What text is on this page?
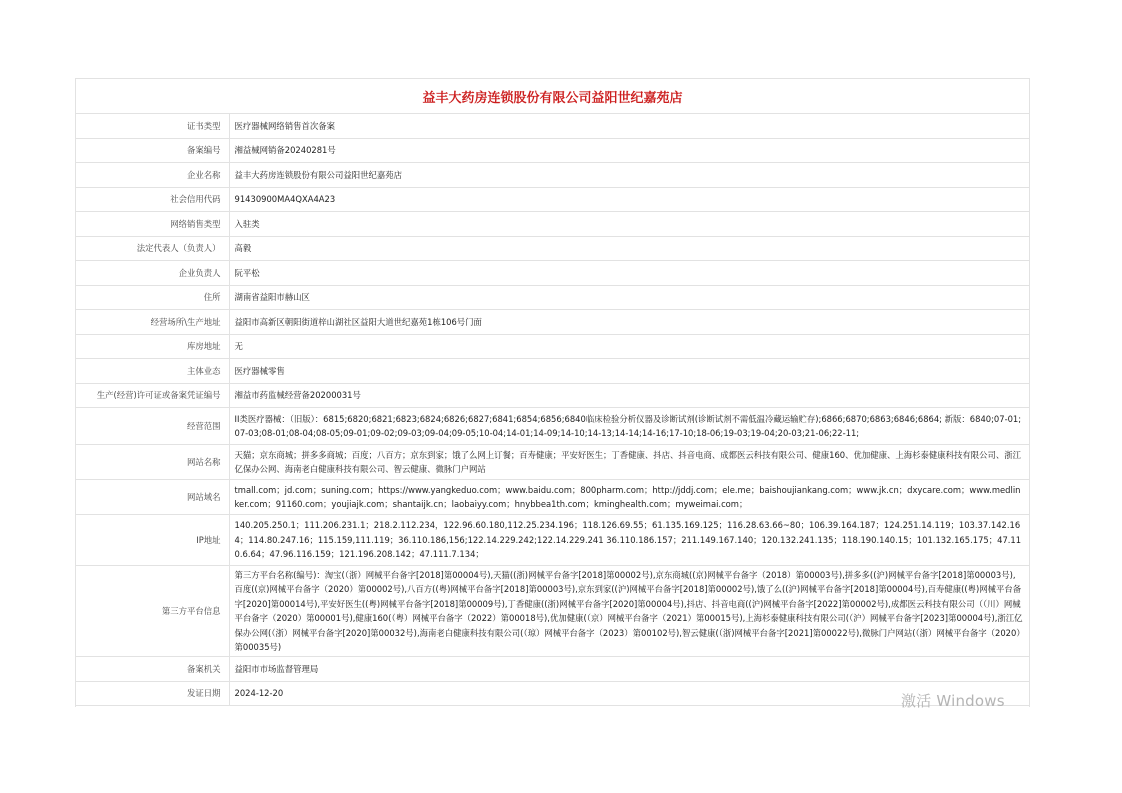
益丰大药房连锁股份有限公司益阳世纪嘉苑店
证书类型	医疗器械网络销售首次备案
备案编号	湘益械网销备20240281号
企业名称	益丰大药房连锁股份有限公司益阳世纪嘉苑店
社会信用代码	91430900MA4QXA4A23
网络销售类型	入驻类
法定代表人（负责人）	高毅
企业负责人	阮平松
住所	湖南省益阳市赫山区
经营场所\生产地址	益阳市高新区朝阳街道梓山湖社区益阳大道世纪嘉苑1栋106号门面
库房地址	无
主体业态	医疗器械零售
生产(经营)许可证或备案凭证编号	湘益市药监械经营备20200031号
经营范围	II类医疗器械：（旧版）：6815;6820;6821;6823;6824;6826;6827;6841;6854;6856;6840临床检验分析仪器及诊断试剂(诊断试剂不需低温冷藏运输贮存);6866;6870;6863;6846;6864; 新版：6840;07-01;07-03;08-01;08-04;08-05;09-01;09-02;09-03;09-04;09-05;10-04;14-01;14-09;14-10;14-13;14-14;14-16;17-10;18-06;19-03;19-04;20-03;21-06;22-11;
网站名称	天猫；京东商城；拼多多商城；百度；八百方；京东到家；饿了么网上订餐；百寿健康；平安好医生；丁香健康、抖店、抖音电商、成都医云科技有限公司、健康160、优加健康、上海杉泰健康科技有限公司、浙江亿保办公网、海南老白健康科技有限公司、智云健康、微脉门户网站
网站域名	tmall.com；jd.com；suning.com；https://www.yangkeduo.com；www.baidu.com；800pharm.com；http://jddj.com；ele.me；baishoujiankang.com；www.jk.cn；dxycare.com；www.medlinker.com；91160.com；youjiajk.com；shantaijk.cn；laobaiyy.com；hnybbea1th.com；kminghealth.com；myweimai.com；
IP地址	140.205.250.1；111.206.231.1；218.2.112.234，122.96.60.180,112.25.234.196；118.126.69.55；61.135.169.125；116.28.63.66~80；106.39.164.187；124.251.14.119；103.37.142.164；114.80.247.16；115.159,111.119；36.110.186,156;122.14.229.242;122.14.229.241 36.110.186.157；211.149.167.140；120.132.241.135；118.190.140.15；101.132.165.175；47.110.6.64；47.96.116.159；121.196.208.142；47.111.7.134；
第三方平台信息	第三方平台名称(编号)：淘宝(（浙）网械平台备字[2018]第00004号),天猫((浙)网械平台备字[2018]第00002号),京东商城((京)网械平台备字（2018）第00003号),拼多多((沪)网械平台备字[2018]第00003号),百度((京)网械平台备字（2020）第00002号),八百方((粤)网械平台备字[2018]第00003号),京东到家((沪)网械平台备字[2018]第00002号),饿了么((沪)网械平台备字[2018]第00004号),百寿健康((粤)网械平台备字[2020]第00014号),平安好医生((粤)网械平台备字[2018]第00009号),丁香健康((浙)网械平台备字[2020]第00004号),抖店、抖音电商((沪)网械平台备字[2022]第00002号),成都医云科技有限公司（（川）网械平台备字（2020）第00001号),健康160(（粤）网械平台备字（2022）第00018号),优加健康(（京）网械平台备字（2021）第00015号),上海杉泰健康科技有限公司(（沪）网械平台备字[2023]第00004号),浙江亿保办公网(（浙）网械平台备字[2020]第00032号),海南老白健康科技有限公司(（琼）网械平台备字（2023）第00102号),智云健康(（浙)网械平台备字[2021]第00022号),微脉门户网站(（浙）网械平台备字（2020）第00035号)
备案机关	益阳市市场监督管理局
发证日期	2024-12-20	激活 Windows
